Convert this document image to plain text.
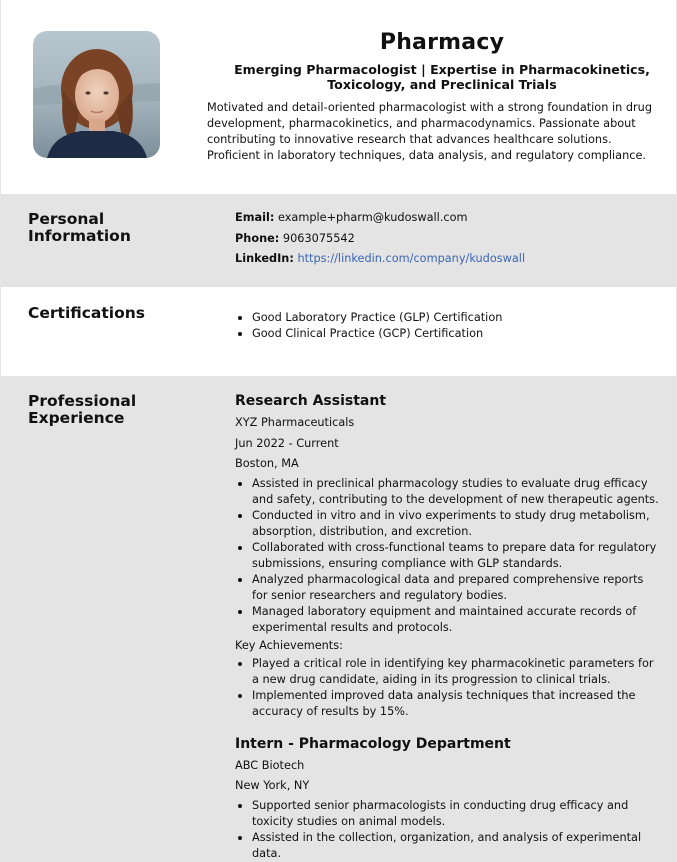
Pharmacy
Emerging Pharmacologist | Expertise in Pharmacokinetics, Toxicology, and Preclinical Trials
Motivated and detail-oriented pharmacologist with a strong foundation in drug development, pharmacokinetics, and pharmacodynamics. Passionate about contributing to innovative research that advances healthcare solutions. Proficient in laboratory techniques, data analysis, and regulatory compliance.
Personal Information
Email: example+pharm@kudoswall.com
Phone: 9063075542
LinkedIn: https://linkedin.com/company/kudoswall
Certifications	Good Laboratory Practice (GLP) Certification
Good Clinical Practice (GCP) Certification
Professional Experience
Research Assistant
XYZ Pharmaceuticals
Jun 2022 - Current
Boston, MA
Assisted in preclinical pharmacology studies to evaluate drug efficacy and safety, contributing to the development of new therapeutic agents.
Conducted in vitro and in vivo experiments to study drug metabolism, absorption, distribution, and excretion.
Collaborated with cross-functional teams to prepare data for regulatory submissions, ensuring compliance with GLP standards.
Analyzed pharmacological data and prepared comprehensive reports for senior researchers and regulatory bodies.
Managed laboratory equipment and maintained accurate records of experimental results and protocols.
Key Achievements:
Played a critical role in identifying key pharmacokinetic parameters for a new drug candidate, aiding in its progression to clinical trials.
Implemented improved data analysis techniques that increased the accuracy of results by 15%.
Intern - Pharmacology Department
ABC Biotech
New York, NY
Supported senior pharmacologists in conducting drug efficacy and toxicity studies on animal models.
Assisted in the collection, organization, and analysis of experimental data.
